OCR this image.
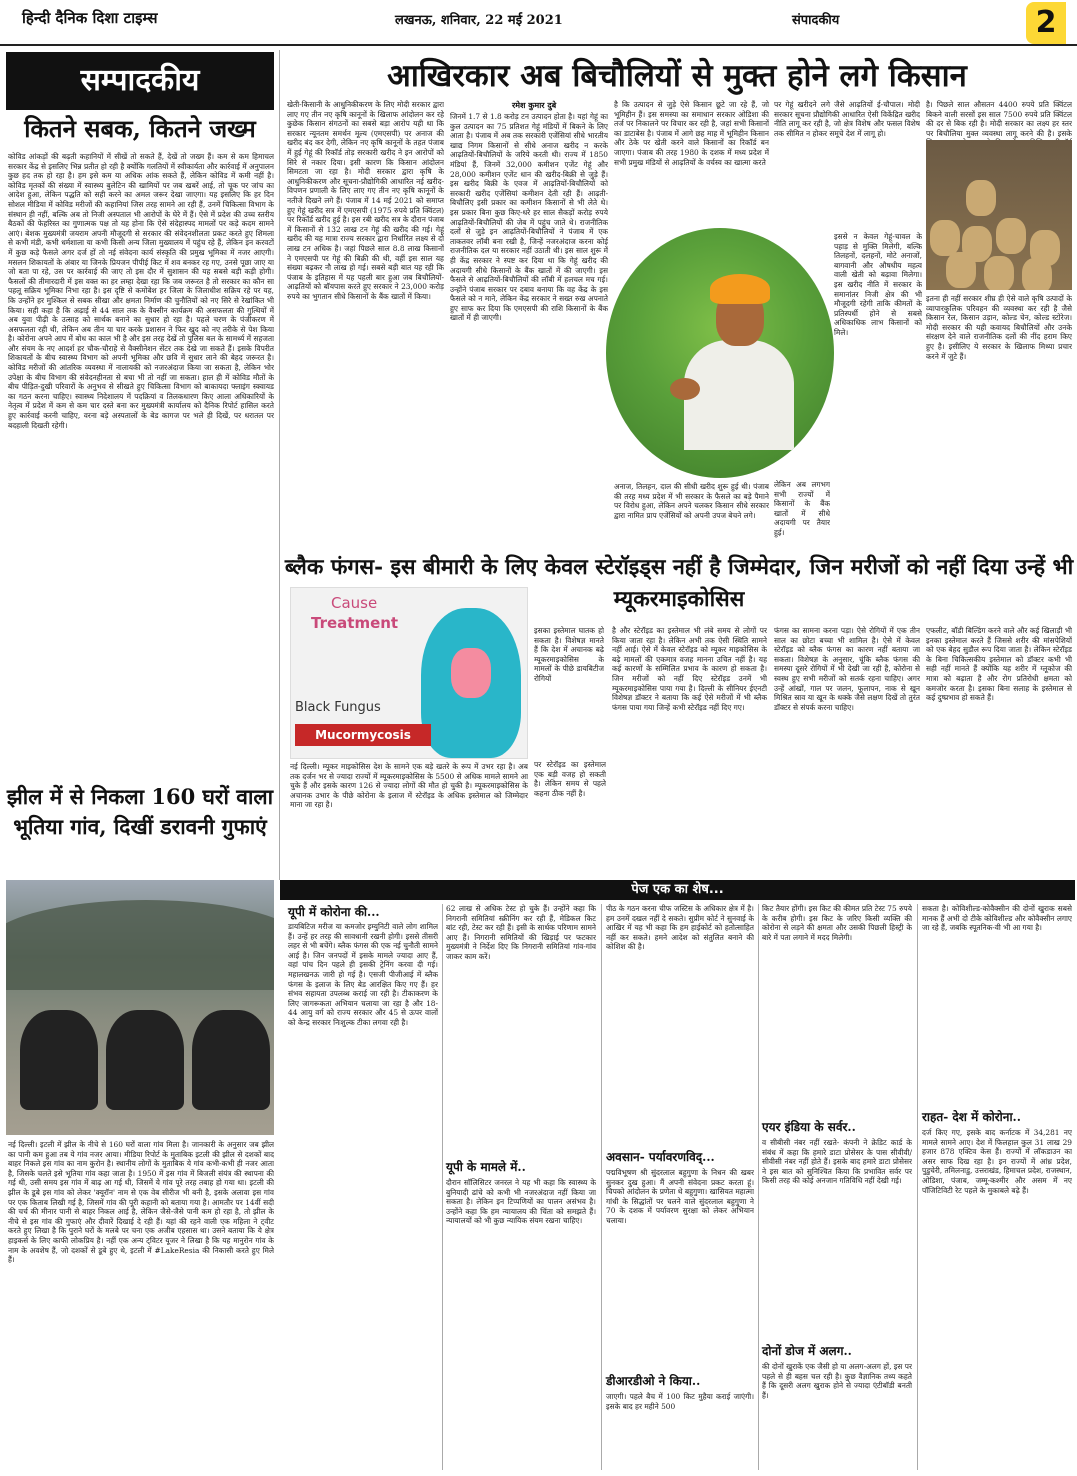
हिन्दी दैनिक दिशा टाइम्स	लखनऊ, शनिवार, 22 मई 2021	संपादकीय	2
सम्पादकीय
कितने सबक, कितने जख्म
कोविड आंकड़ों की बढ़ती कहानियों में सीखें तो सकते हैं, देखें तो जख्म हैं। कम से कम हिमाचल सरकार केंद्र से इसलिए भिन्न प्रतीत हो रही है क्योंकि गलतियों में स्वीकार्यता और कार्रवाई में अनुपालन कुछ हद तक हो रहा है। हम इसे कम या अधिक आंक सकते हैं, लेकिन कोविड में कमी नहीं है। कोविड मृतकों की संख्या में स्वास्थ्य बुलेटिन की खामियों पर जब खबरें आई, तो चूक पर जांच का आदेश हुआ, लेकिन पद्धति को सही करने का अमल जरूर देखा जाएगा। यह इसलिए कि हर दिन सोशल मीडिया में कोविड मरीजों की कहानियां जिस तरह सामने आ रही हैं, उनमें चिकित्सा विभाग के संस्थान ही नहीं, बल्कि अब तो निजी अस्पताल भी आरोपों के घेरे में हैं। ऐसे में प्रदेश की उच्च स्तरीय बैठकों की फेहरिस्त का गुणात्मक पक्ष तो यह होना कि ऐसे संदेहास्पद मामलों पर कड़े कदम सामने आएं। बेशक मुख्यमंत्री जयराम अपनी मौजूदगी से सरकार की संवेदनशीलता प्रकट करते हुए शिमला से कभी मंडी, कभी धर्मशाला या कभी किसी अन्य जिला मुख्यालय में पहुंच रहे हैं, लेकिन इन करवटों में कुछ कड़े फैसले अगर दर्ज हों तो नई संवेदना कार्य संस्कृति की प्रमुख भूमिका में नजर आएगी। मसलन शिकायतों के अंबार या जिनके प्रियजन पीपीई किट में शव बनकर रह गए, उनसे पूछा जाए या जो बता पा रहे, उस पर कार्रवाई की जाए तो इस दौर में सुशासन की यह सबसे बड़ी कड़ी होगी। फैसलों की तीमारदारी में इस वक्त का हर लम्हा देखा रहा कि जब जरूरत है तो सरकार का कौन सा पहलू सक्रिय भूमिका निभा रहा है। इस दृष्टि से कमोबेश हर जिला के जिलाधीश सक्रिय रहे पर यह, कि उन्होंने हर मुश्किल से सबक सीखा और क्षमता निर्माण की चुनौतियों को नए सिरे से रेखांकित भी किया। सही कहा है कि अढ़ाई से 44 साल तक के वैक्सीन कार्यक्रम की असफलता की गुत्थियों में अब युवा पीढ़ी के उत्साह को सार्थक बनाने का सुधार हो रहा है। पहले चरण के पंजीकरण में असफलता रही थी, लेकिन अब तीन या चार करके प्रशासन ने फिर खुद को नए तरीके से पेश किया है। कोरोना अपने आप में बोध का काल भी है और इस तरह देखें तो पुलिस बल के सामर्थ्य में सहजता और संयम के नए आदर्श हर चौक-चौराहे से वैक्सीनेशन सेंटर तक देखे जा सकते हैं। इसके विपरीत शिकायतों के बीच स्वास्थ्य विभाग को अपनी भूमिका और छवि में सुधार लाने की बेहद जरूरत है। कोविड मरीजों की आंतरिक व्यवस्था में नालायकी को नजरअंदाज किया जा सकता है, लेकिन भोर उपेक्षा के बीच विभाग की संवेदनहीनता से बचा भी तो नहीं जा सकता। हाल ही में कोविड मौतों के बीच पीड़ित-दुखी परिवारों के अनुभव से सीखते हुए चिकित्सा विभाग को बाकायदा फ्लाइंग स्क्वायड का गठन करना चाहिए। स्वास्थ्य निदेशालय में पदक्रियां व तिलकधारण किए आला अधिकारियों के नेतृत्व में प्रदेश में कम से कम चार दस्ते बना कर मुख्यमंत्री कार्यालय को दैनिक रिपोर्ट हासिल करते हुए कार्रवाई करनी चाहिए, वरना बड़े अस्पतालों के बेड कागज पर भले ही दिखें, पर धरातल पर बदहाली दिखती रहेगी।
झील में से निकला 160 घरों वाला भूतिया गांव, दिखीं डरावनी गुफाएं
नई दिल्ली। इटली में झील के नीचे से 160 घरों वाला गांव मिला है। जानकारी के अनुसार जब झील का पानी कम हुआ तब ये गांव नजर आया। मीडिया रिपोर्ट के मुताबिक इटली की झील से दशकों बाद बाहर निकले इस गांव का नाम कुरोन है। स्थानीय लोगों के मुताबिक ये गांव कभी-कभी ही नजर आता है, जिसके चलते इसे भूतिया गांव कहा जाता है। 1950 में इस गांव में बिजली संयंत्र की स्थापना की गई थी, उसी समय इस गांव में बाढ़ आ गई थी, जिसमें ये गांव पूरे तरह तबाह हो गया था। इटली की झील के डूबे इस गांव को लेकर 'क्यूरॉन' नाम से एक वेब सीरीज भी बनी है, इसके अलावा इस गांव पर एक किताब लिखी गई है, जिसमें गांव की पूरी कहानी को बताया गया है। आमतौर पर 14वीं सदी की चर्च की मीनार पानी से बाहर निकल आई है, लेकिन जैसे-जैसे पानी कम हो रहा है, तो झील के नीचे से इस गांव की गुफाएं और दीवारें दिखाई दे रही हैं। यहां की रहने वाली एक महिला ने ट्वीट करते हुए लिखा है कि पुराने घरों के मलबे पर चना एक अजीब एहसास था। उसने बताया कि ये क्षेत्र हाइकर्स के लिए काफी लोकप्रिय है। नहीं एक अन्य ट्विटर यूजर ने लिखा है कि यह मानुरोन गांव के नाम के अवशेष हैं, जो दशकों से डूबे हुए थे, इटली में #LakeResia की निकासी करते हुए मिले हैं।
आखिरकार अब बिचौलियों से मुक्त होने लगे किसान
खेती-किसानी के आधुनिकीकरण के लिए मोदी सरकार द्वारा लाए गए तीन नए कृषि कानूनों के खिलाफ आंदोलन कर रहे कुछेक किसान संगठनों का सबसे बड़ा आरोप यही था कि सरकार न्यूनतम समर्थन मूल्य (एमएसपी) पर अनाज की खरीद बंद कर देगी, लेकिन नए कृषि कानूनों के तहत पंजाब में हुई गेहूं की रिकॉर्ड तोड़ सरकारी खरीद ने इन आरोपों को सिरे से नकार दिया। इसी कारण कि किसान आंदोलन सिमटता जा रहा है। मोदी सरकार द्वारा कृषि के आधुनिकीकरण और सूचना-प्रौद्योगिकी आधारित नई खरीद-विपणन प्रणाली के लिए लाए गए तीन नए कृषि कानूनों के नतीजे दिखने लगे हैं। पंजाब में 14 मई 2021 को समाप्त हुए गेहूं खरीद सत्र में एमएसपी (1975 रुपये प्रति क्विंटल) पर रिकॉर्ड खरीद हुई है। इस रबी खरीद सत्र के दौरान पंजाब में किसानों से 132 लाख टन गेहूं की खरीद की गई। गेहूं खरीद की यह मात्रा राज्य सरकार द्वारा निर्धारित लक्ष्य से दो लाख टन अधिक है। जहां पिछले साल 8.8 लाख किसानों ने एमएसपी पर गेहूं की बिक्री की थी, वहीं इस साल यह संख्या बढ़कर नौ लाख हो गई। सबसे बड़ी बात यह रही कि पंजाब के इतिहास में यह पहली बार हुआ जब बिचौलियों-आढ़तियों को बॉयपास करते हुए सरकार ने 23,000 करोड़ रुपये का भुगतान सीधे किसानों के बैंक खातों में किया।
रमेश कुमार दुबे
जिनमें 1.7 से 1.8 करोड़ टन उत्पादन होता है। यहां गेहूं का कुल उत्पादन का 75 प्रतिशत गेहूं मंडियों में बिकने के लिए आता है। पंजाब में अब तक सरकारी एजेंसियां सीधे भारतीय खाद्य निगम किसानों से सीधे अनाज खरीद न करके आढ़तियों-बिचौलियों के जरिये करती थी। राज्य में 1850 मंडियां हैं, जिनमें 32,000 कमीशन एजेंट गेहूं और 28,000 कमीशन एजेंट धान की खरीद-बिक्री से जुड़े हैं। इस खरीद बिक्री के एवज में आढ़तियों-बिचौलियों को सरकारी खरीद एजेंसियां कमीशन देती रही हैं। आढ़ती-बिचौलिए इसी प्रकार का कमीशन किसानों से भी लेते थे। इस प्रकार बिना कुछ किए-धरे हर साल सैकड़ों करोड़ रुपये आढ़तियों-बिचौलियों की जेब में पहुंच जाते थे। राजनीतिक दलों से जुड़े इन आढ़तियों-बिचौलियों ने पंजाब में एक ताकतवर लॉबी बना रखी है, जिन्हें नजरअंदाज करना कोई राजनीतिक दल या सरकार नहीं उठाती थी। इस साल शुरू में ही केंद्र सरकार ने स्पष्ट कर दिया था कि गेहूं खरीद की अदायगी सीधे किसानों के बैंक खातों में की जाएगी। इस फैसले से आढ़तियों-बिचौलियों की लॉबी में हलचल मच गई। उन्होंने पंजाब सरकार पर दबाव बनाया कि वह केंद्र के इस फैसले को न माने, लेकिन केंद्र सरकार ने सख्त रुख अपनाते हुए साफ कर दिया कि एमएसपी की राशि किसानों के बैंक खातों में ही जाएगी।
है कि उत्पादन से जुड़े ऐसे किसान छूटे जा रहे हैं, जो भूमिहीन हैं। इस समस्या का समाधान सरकार ओडिशा की तर्ज पर निकालने पर विचार कर रही है, जहां सभी किसानों का डाटाबेस है। पंजाब में आगे छह माह में भूमिहीन किसान और ठेके पर खेती करने वाले किसानों का रिकॉर्ड बन जाएगा। पंजाब की तरह 1980 के दशक में मध्य प्रदेश में सभी प्रमुख मंडियों से आढ़तियों के वर्चस्व का खात्मा करते
पर गेहूं खरीदने लगे जैसे आढ़तियों ई-चौपाल। मोदी सरकार सूचना प्रौद्योगिकी आधारित ऐसी विकेंद्रित खरीद नीति लागू कर रही है, जो क्षेत्र विशेष और फसल विशेष तक सीमित न होकर समूचे देश में लागू हो।
है। पिछले साल औसतन 4400 रुपये प्रति क्विंटल बिकने वाली सरसों इस साल 7500 रुपये प्रति क्विंटल की दर से बिक रही है। मोदी सरकार का लक्ष्य हर स्तर पर बिचौलिया मुक्त व्यवस्था लागू करने की है। इसके
अनाज, तिलहन, दाल की सीधी खरीद शुरू हुई थी। पंजाब की तरह मध्य प्रदेश में भी सरकार के फैसले का बड़े पैमाने पर विरोध हुआ, लेकिन अपने चलकर किसान सीधे सरकार द्वारा नामित प्राप एजेंसियों को अपनी उपज बेचने लगे।
इससे न केवल गेहूं-चावल के पहाड़ से मुक्ति मिलेगी, बल्कि तिलहनों, दलहनों, मोटे अनाजों, बागवानी और औषधीय महत्व वाली खेती को बढ़ावा मिलेगा। इस खरीद नीति में सरकार के समानांतर निजी क्षेत्र की भी मौजूदगी रहेगी ताकि कीमतों के प्रतिस्पर्धी होने से सबसे अधिकाधिक लाभ किसानों को मिले।
इतना ही नहीं सरकार शीघ्र ही ऐसे वाले कृषि उत्पादों के व्यापारकुलिक परिवहन की व्यवस्था कर रही है जैसे किसान रेल, किसान उड़ान, कोल्ड चेन, कोल्ड स्टोरेज। मोदी सरकार की यही कवायद बिचौलियों और उनके संरक्षण देने वाले राजनीतिक दलों की नींद हराम किए हुए है। इसीलिए ये सरकार के खिलाफ मिथ्या प्रचार करने में जुटे हैं।
लेकिन अब लगभग सभी राज्यों में किसानों के बैंक खातों में सीधे अदायगी पर तैयार हुई।
ब्लैक फंगस- इस बीमारी के लिए केवल स्टेरॉइड्स नहीं है जिम्मेदार, जिन मरीजों को नहीं दिया उन्हें भी म्यूकरमाइकोसिस
Cause
Treatment
Black Fungus
Mucormycosis
इसका इस्तेमाल घातक हो सकता है। विशेषज्ञ मानते हैं कि देश में अचानक बढ़े म्यूकरमाइकोसिस के मामलों के पीछे डायबिटीज रोगियों
नई दिल्ली। म्यूकर माइकोसिस देश के सामने एक बड़े खतरे के रूप में उभर रहा है। अब तक दर्जन भर से ज्यादा राज्यों में म्यूकरमाइकोसिस के 5500 से अधिक मामले सामने आ चुके हैं और इसके कारण 126 से ज्यादा लोगों की मौत हो चुकी है। म्यूकरमाइकोसिस के अचानक उभार के पीछे कोरोना के इलाज में स्टेरॉइड के अधिक इस्तेमाल को जिम्मेदार माना जा रहा है।
पर स्टेरॉइड का इस्तेमाल एक बड़ी वजह हो सकती है। लेकिन समय से पहले कहना ठीक नहीं है।
है और स्टेरॉइड का इस्तेमाल भी लंबे समय से लोगों पर किया जाता रहा है। लेकिन अभी तक ऐसी स्थिति सामने नहीं आई। ऐसे में केवल स्टेरॉइड को म्यूकर माइकोसिस के बढ़े मामलों की एकमात्र वजह मानना उचित नहीं है। यह कई कारणों के सम्मिलित प्रभाव के कारण हो सकता है। जिन मरीजों को नहीं दिए स्टेरॉइड उनमें भी म्यूकरमाइकोसिस पाया गया है। दिल्ली के सीनियर ईएनटी विशेषज्ञ डॉक्टर ने बताया कि कई ऐसे मरीजों में भी ब्लैक फंगस पाया गया जिन्हें कभी स्टेरॉइड नहीं दिए गए।
फंगस का सामना करना पड़ा। ऐसे रोगियों में एक तीन साल का छोटा बच्चा भी शामिल है। ऐसे में केवल स्टेरॉइड को ब्लैक फंगस का कारण नहीं बताया जा सकता। विशेषज्ञ के अनुसार, चूंकि ब्लैक फंगस की समस्या दूसरे रोगियों में भी देखी जा रही है, कोरोना से स्वस्थ हुए सभी मरीजों को सतर्क रहना चाहिए। अगर उन्हें आंखों, गाल पर जलन, फूलापन, नाक से खून मिश्रित स्राव या खून के थक्के जैसे लक्षण दिखें तो तुरंत डॉक्टर से संपर्क करना चाहिए।
एफलीट, बॉडी बिल्डिंग करने वाले और कई खिलाड़ी भी इनका इस्तेमाल करते हैं जिससे शरीर की मांसपेशियों को एक बेहद सुडौल रूप दिया जाता है। लेकिन स्टेरॉइड के बिना चिकित्सकीय इस्तेमाल को डॉक्टर कभी भी सही नहीं मानते हैं क्योंकि यह शरीर में ग्लूकोज की मात्रा को बढ़ाता है और रोग प्रतिरोधी क्षमता को कमजोर करता है। इसका बिना सलाह के इस्तेमाल से कई दुष्प्रभाव हो सकते हैं।
पेज एक का शेष...
यूपी में कोरोना की...
डायबिटिज मरीज या कमजोर इम्युनिटी वाले लोग शामिल हैं। उन्हें हर तरह की सावधानी रखनी होगी। इससे तीसरी लहर से भी बचेंगे। ब्लैक फंगस की एक नई चुनौती सामने आई है। जिन जनपदों में इसके मामले ज्यादा आए हैं, वहां पांच दिन पहले ही इसकी ट्रेनिंग करवा दी गई। महालखनऊ जारी हो गई है। एसजी पीजीआई में ब्लैक फंगस के इलाज के लिए बेड आरक्षित किए गए हैं। हर संभव सहायता उपलब्ध कराई जा रही है। टीकाकरण के लिए जागरूकता अभियान चलाया जा रहा है और 18-44 आयु वर्ग को राज्य सरकार और 45 से ऊपर वालों को केन्द्र सरकार निःशुल्क टीका लगवा रही है।
62 लाख से अधिक टेस्ट हो चुके हैं। उन्होंने कहा कि निगरानी समितियां स्क्रीनिंग कर रही हैं, मेडिकल किट बांट रही, टेस्ट कर रही हैं। इसी के सार्थक परिणाम सामने आए हैं। निगरानी समितियों की खिड़ाई पर फटकार मुख्यमंत्री ने निर्देश दिए कि निगरानी समितियां गांव-गांव जाकर काम करें।
यूपी के मामले में..
दौरान सॉलिसिटर जनरल ने यह भी कहा कि स्वास्थ्य के बुनियादी ढांचे को कभी भी नजरअंदाज नहीं किया जा सकता है। लेकिन इन टिप्पणियों का पालन असंभव है। उन्होंने कहा कि हम न्यायालय की चिंता को समझते हैं। न्यायालयों को भी कुछ न्यायिक संयम रखना चाहिए।
पीठ के गठन करना चीफ जस्टिस के अधिकार क्षेत्र में है। हम उनमें दखल नहीं दे सकते। सुप्रीम कोर्ट ने सुनवाई के आखिर में यह भी कहा कि हम हाईकोर्ट को हतोत्साहित नहीं कर सकते। हमने आदेश को संतुलित बनाने की कोशिश की है।
अवसान- पर्यावरणविद्...
पद्मविभूषण श्री सुंदरलाल बहुगुणा के निधन की खबर सुनकर दुख हुआ। मैं अपनी संवेदना प्रकट करता हूं। चिपको आंदोलन के प्रणेता थे बहुगुणा। खासियत महात्मा गांधी के सिद्धांतों पर चलने वाले सुंदरलाल बहुगुणा ने 70 के दशक में पर्यावरण सुरक्षा को लेकर अभियान चलाया।
डीआरडीओ ने किया..
जाएगी। पहले बैच में 100 किट मुहैया कराई जाएंगी। इसके बाद हर महीने 500
किट तैयार होंगी। इस किट की कीमत प्रति टेस्ट 75 रुपये के करीब होगी। इस किट के जरिए किसी व्यक्ति की कोरोना से लड़ने की क्षमता और उसकी पिछली हिस्ट्री के बारे में पता लगाने में मदद मिलेगी।
एयर इंडिया के सर्वर..
व सीबीसी नंबर नहीं रखते- कंपनी ने क्रेडिट कार्ड के संबंध में कहा कि हमारे डाटा प्रोसेसर के पास सीवीवी/सीवीसी नंबर नहीं होते हैं। इसके बाद हमारे डाटा प्रोसेसर ने इस बात को सुनिश्चित किया कि प्रभावित सर्वर पर किसी तरह की कोई अनजान गतिविधि नहीं देखी गई।
दोनों डोज में अलग..
की दोनों खुराकें एक जैसी हो या अलग-अलग हों, इस पर पहले से ही बहस चल रही है। कुछ वैज्ञानिक तथ्य कहते हैं कि दूसरी अलग खुराक होने से ज्यादा एंटीबॉडी बनती हैं।
सकता है। कोविशील्ड-कोवैक्सीन की दोनों खुराक सबसे मानक हैं अभी दो टीके कोविशील्ड और कोवैक्सीन लगाए जा रहे हैं, जबकि स्पूतनिक-वी भी आ गया है।
राहत- देश में कोरोना..
दर्ज किए गए, इसके बाद कर्नाटक में 34,281 नए मामले सामने आए। देश में फिलहाल कुल 31 लाख 29 हजार 878 एक्टिव केस हैं। राज्यों में लॉकडाउन का असर साफ दिख रहा है। इन राज्यों में आंध्र प्रदेश, पुडुचेरी, तमिलनाडु, उत्तराखंड, हिमाचल प्रदेश, राजस्थान, ओडिशा, पंजाब, जम्मू-कश्मीर और असम में नए पॉजिटिविटी रेट पहले के मुकाबले बढ़े हैं।
